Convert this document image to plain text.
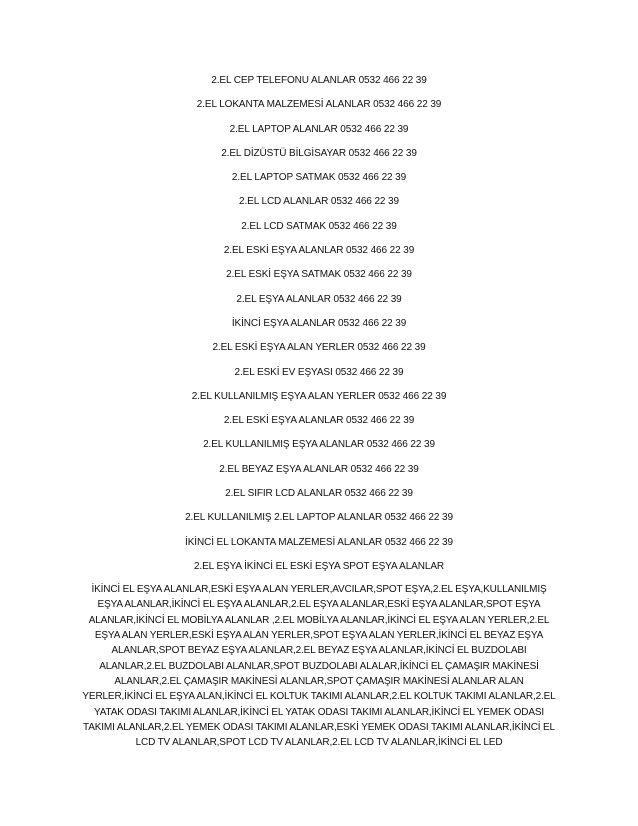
2.EL CEP TELEFONU ALANLAR 0532 466 22 39
2.EL LOKANTA MALZEMESİ ALANLAR 0532 466 22 39
2.EL LAPTOP ALANLAR 0532 466 22 39
2.EL DİZÜSTÜ BİLGİSAYAR 0532 466 22 39
2.EL LAPTOP SATMAK 0532 466 22 39
2.EL LCD ALANLAR 0532 466 22 39
2.EL LCD SATMAK 0532 466 22 39
2.EL ESKİ EŞYA ALANLAR 0532 466 22 39
2.EL ESKİ EŞYA SATMAK 0532 466 22 39
2.EL EŞYA ALANLAR 0532 466 22 39
İKİNCİ EŞYA ALANLAR 0532 466 22 39
2.EL ESKİ EŞYA ALAN YERLER 0532 466 22 39
2.EL ESKİ EV EŞYASI 0532 466 22 39
2.EL KULLANILMIŞ EŞYA ALAN YERLER 0532 466 22 39
2.EL ESKİ EŞYA ALANLAR 0532 466 22 39
2.EL KULLANILMIŞ EŞYA ALANLAR 0532 466 22 39
2.EL BEYAZ EŞYA ALANLAR 0532 466 22 39
2.EL SIFIR LCD ALANLAR 0532 466 22 39
2.EL KULLANILMIŞ 2.EL LAPTOP ALANLAR 0532 466 22 39
İKİNCİ EL LOKANTA MALZEMESİ ALANLAR 0532 466 22 39
2.EL EŞYA İKİNCİ EL ESKİ EŞYA SPOT EŞYA ALANLAR

İKİNCİ EL EŞYA ALANLAR,ESKİ EŞYA ALAN YERLER,AVCILAR,SPOT EŞYA,2.EL EŞYA,KULLANILMIŞ EŞYA ALANLAR,İKİNCİ EL EŞYA ALANLAR,2.EL EŞYA ALANLAR,ESKİ EŞYA ALANLAR,SPOT EŞYA ALANLAR,İKİNCİ EL MOBİLYA ALANLAR ,2.EL MOBİLYA ALANLAR,İKİNCİ EL EŞYA ALAN YERLER,2.EL EŞYA ALAN YERLER,ESKİ EŞYA ALAN YERLER,SPOT EŞYA ALAN YERLER,İKİNCİ EL BEYAZ EŞYA ALANLAR,SPOT BEYAZ EŞYA ALANLAR,2.EL BEYAZ EŞYA ALANLAR,İKİNCİ EL BUZDOLABI ALANLAR,2.EL BUZDOLABI ALANLAR,SPOT BUZDOLABI ALALAR,İKİNCİ EL ÇAMAŞIR MAKİNESİ ALANLAR,2.EL ÇAMAŞIR MAKİNESİ ALANLAR,SPOT ÇAMAŞIR MAKİNESİ ALANLAR ALAN YERLER,İKİNCİ EL EŞYA ALAN,İKİNCİ EL KOLTUK TAKIMI ALANLAR,2.EL KOLTUK TAKIMI ALANLAR,2.EL YATAK ODASI TAKIMI ALANLAR,İKİNCİ EL YATAK ODASI TAKIMI ALANLAR,İKİNCİ EL YEMEK ODASI TAKIMI ALANLAR,2.EL YEMEK ODASI TAKIMI ALANLAR,ESKİ YEMEK ODASI TAKIMI ALANLAR,İKİNCİ EL LCD TV ALANLAR,SPOT LCD TV ALANLAR,2.EL LCD TV ALANLAR,İKİNCİ EL LED
